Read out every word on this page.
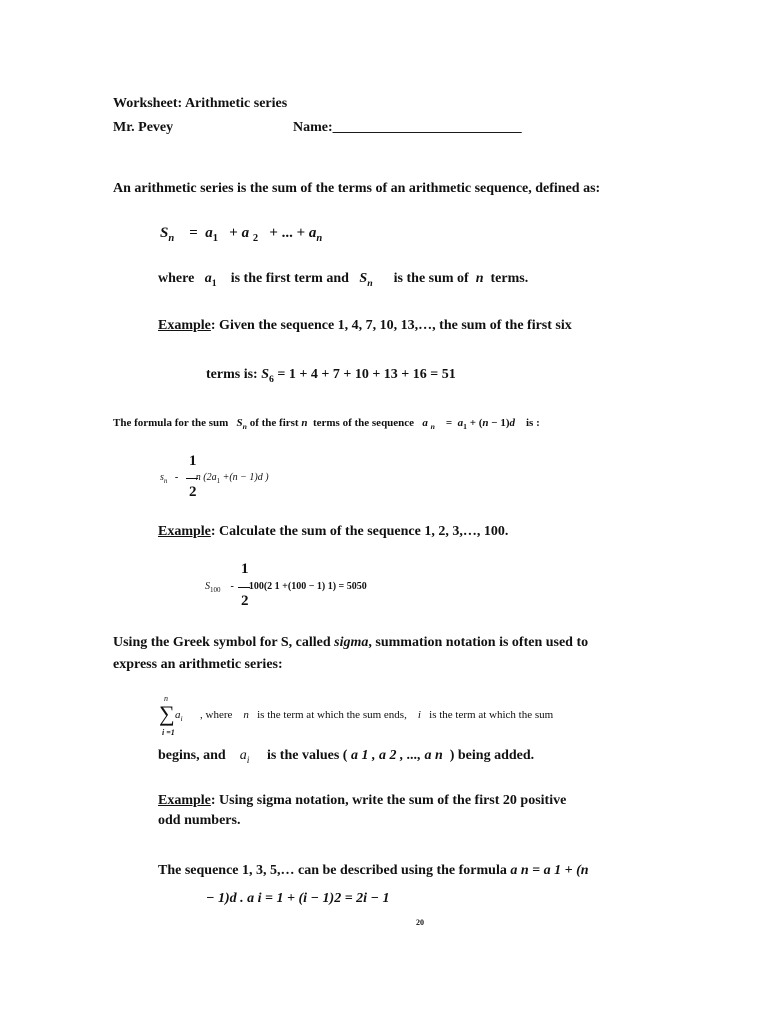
Worksheet: Arithmetic series
Mr. Pevey	Name:___________________________
An arithmetic series is the sum of the terms of an arithmetic sequence, defined as:
$S_n = a_1 + a$ $_2$ + ... + $a_n$
where $a_1$ is the first term and $S_n$ is the sum of n terms.
Example: Given the sequence 1, 4, 7, 10, 13,…, the sum of the first six
terms is: $S_6 = 1 + 4 + 7 + 10 + 13 + 16 = 51$
The formula for the sum $S_n$ of the first n terms of the sequence a $_n = a_1 + (n - 1)d$ is :
1
$s_n$ - n ($2a_1 +(n - 1)d$ )
2
Example: Calculate the sum of the sequence 1, 2, 3,…, 100.
1
$S_{100} - 100(2$ 1 +(100 − 1) 1) = 5050
2
Using the Greek symbol for S, called sigma, summation notation is often used to
express an arithmetic series:
n
∑ $a_i$
i =1
, where n is the term at which the sum ends, i is the term at which the sum
begins, and $a_i$ is the values ( a 1 , a 2 , ..., a n ) being added.
Example: Using sigma notation, write the sum of the first 20 positive
odd numbers.
The sequence 1, 3, 5,… can be described using the formula a n = a 1 + (n
− 1)d . a i = 1 + (i − 1)2 = 2i − 1
20
